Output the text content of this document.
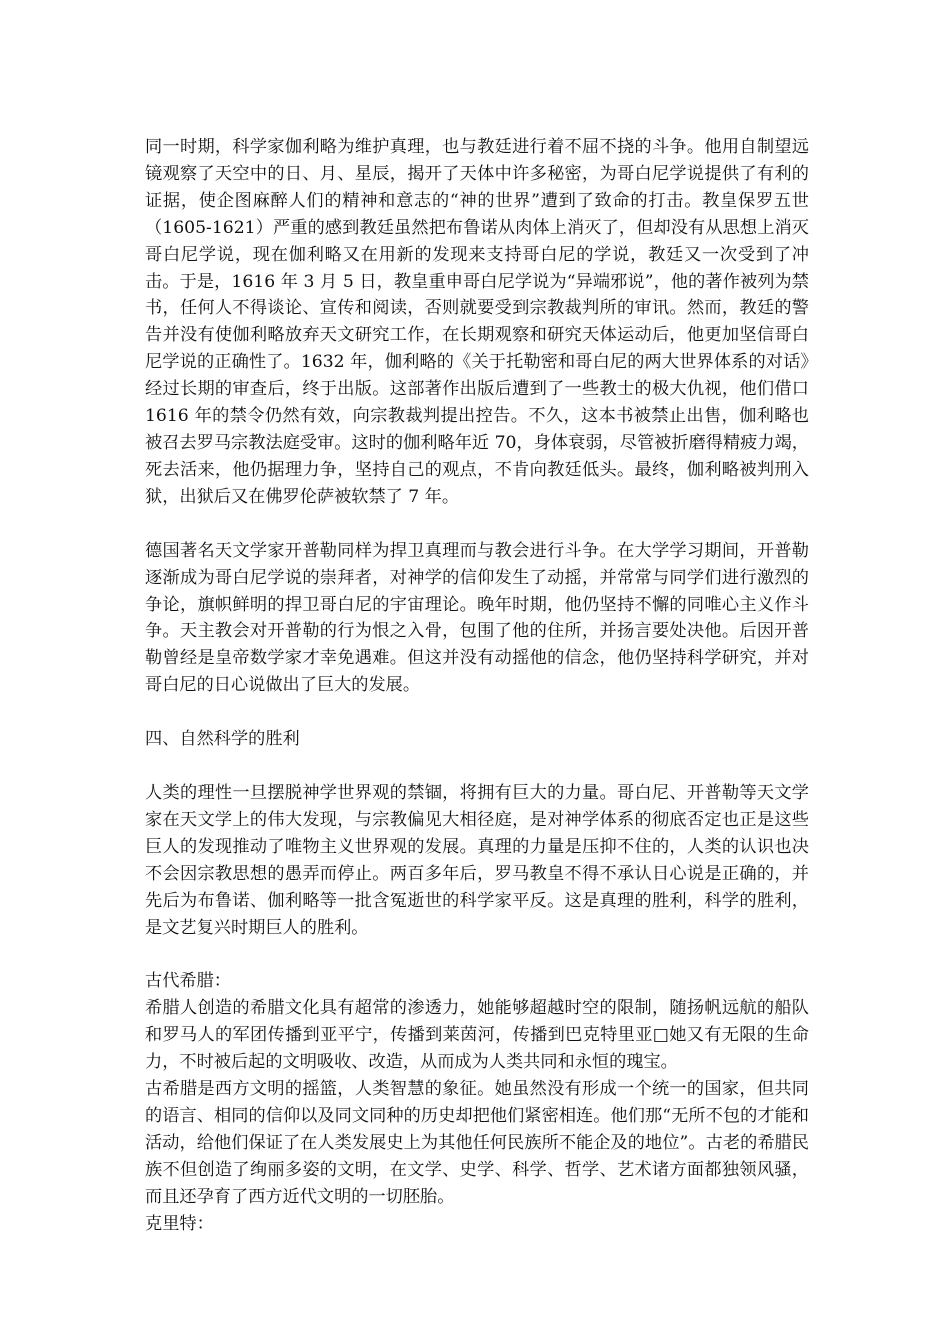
同一时期，科学家伽利略为维护真理，也与教廷进行着不屈不挠的斗争。他用自制望远镜观察了天空中的日、月、星辰，揭开了天体中许多秘密，为哥白尼学说提供了有利的证据，使企图麻醉人们的精神和意志的“神的世界”遭到了致命的打击。教皇保罗五世（1605-1621）严重的感到教廷虽然把布鲁诺从肉体上消灭了，但却没有从思想上消灭哥白尼学说，现在伽利略又在用新的发现来支持哥白尼的学说，教廷又一次受到了冲击。于是，1616 年 3 月 5 日，教皇重申哥白尼学说为“异端邪说”，他的著作被列为禁书，任何人不得谈论、宣传和阅读，否则就要受到宗教裁判所的审讯。然而，教廷的警告并没有使伽利略放弃天文研究工作，在长期观察和研究天体运动后，他更加坚信哥白尼学说的正确性了。1632 年，伽利略的《关于托勒密和哥白尼的两大世界体系的对话》经过长期的审查后，终于出版。这部著作出版后遭到了一些教士的极大仇视，他们借口 1616 年的禁令仍然有效，向宗教裁判提出控告。不久，这本书被禁止出售，伽利略也被召去罗马宗教法庭受审。这时的伽利略年近 70，身体衰弱，尽管被折磨得精疲力竭，死去活来，他仍据理力争，坚持自己的观点，不肯向教廷低头。最终，伽利略被判刑入狱，出狱后又在佛罗伦萨被软禁了 7 年。

德国著名天文学家开普勒同样为捍卫真理而与教会进行斗争。在大学学习期间，开普勒逐渐成为哥白尼学说的崇拜者，对神学的信仰发生了动摇，并常常与同学们进行激烈的争论，旗帜鲜明的捍卫哥白尼的宇宙理论。晚年时期，他仍坚持不懈的同唯心主义作斗争。天主教会对开普勒的行为恨之入骨，包围了他的住所，并扬言要处决他。后因开普勒曾经是皇帝数学家才幸免遇难。但这并没有动摇他的信念，他仍坚持科学研究，并对哥白尼的日心说做出了巨大的发展。

四、自然科学的胜利

人类的理性一旦摆脱神学世界观的禁锢，将拥有巨大的力量。哥白尼、开普勒等天文学家在天文学上的伟大发现，与宗教偏见大相径庭，是对神学体系的彻底否定也正是这些巨人的发现推动了唯物主义世界观的发展。真理的力量是压抑不住的，人类的认识也决不会因宗教思想的愚弄而停止。两百多年后，罗马教皇不得不承认日心说是正确的，并先后为布鲁诺、伽利略等一批含冤逝世的科学家平反。这是真理的胜利，科学的胜利，是文艺复兴时期巨人的胜利。

古代希腊：

希腊人创造的希腊文化具有超常的渗透力，她能够超越时空的限制，随扬帆远航的船队和罗马人的军团传播到亚平宁，传播到莱茵河，传播到巴克特里亚□她又有无限的生命力，不时被后起的文明吸收、改造，从而成为人类共同和永恒的瑰宝。

古希腊是西方文明的摇篮，人类智慧的象征。她虽然没有形成一个统一的国家，但共同的语言、相同的信仰以及同文同种的历史却把他们紧密相连。他们那“无所不包的才能和活动，给他们保证了在人类发展史上为其他任何民族所不能企及的地位”。古老的希腊民族不但创造了绚丽多姿的文明，在文学、史学、科学、哲学、艺术诸方面都独领风骚，而且还孕育了西方近代文明的一切胚胎。

克里特：
